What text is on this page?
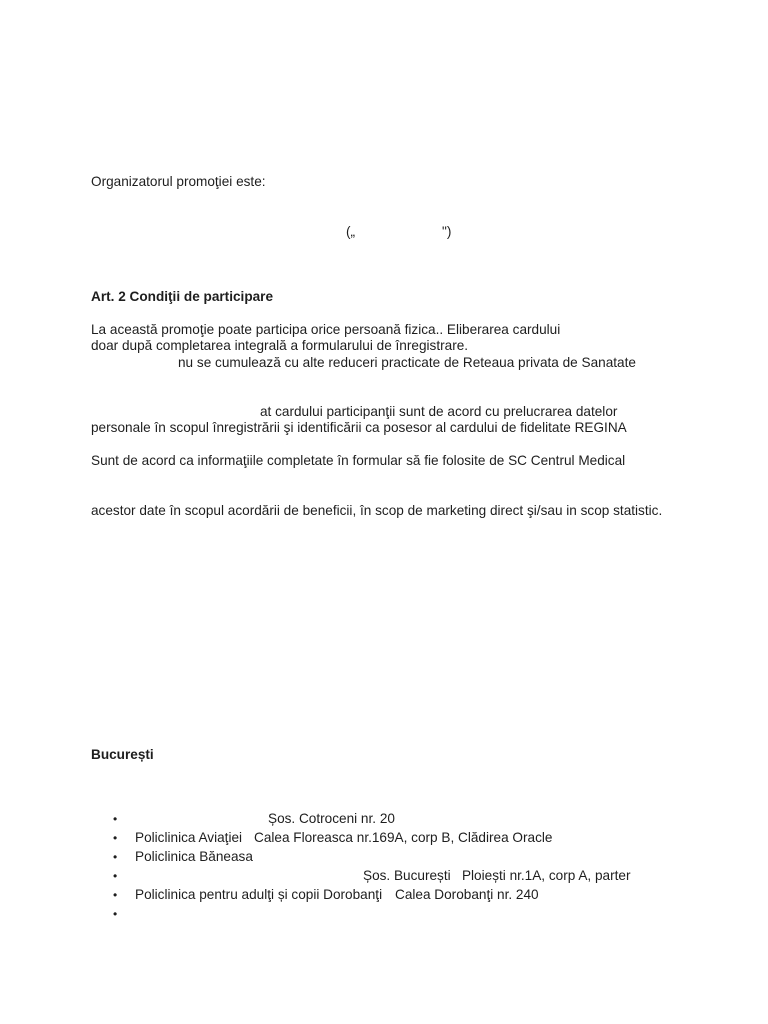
Organizatorul promoţiei este:
(„	")
Art. 2 Condiţii de participare
La această promoţie poate participa orice persoană fizica.. Eliberarea cardului
doar după completarea integrală a formularului de înregistrare.
nu se cumulează cu alte reduceri practicate de Reteaua privata de Sanatate
at cardului participanţii sunt de acord cu prelucrarea datelor
personale în scopul înregistrării şi identificării ca posesor al cardului de fidelitate REGINA
Sunt de acord ca informaţiile completate în formular să fie folosite de SC Centrul Medical
acestor date în scopul acordării de beneficii, în scop de marketing direct şi/sau in scop statistic.
București
•	Șos. Cotroceni nr. 20
• Policlinica Aviaţiei Calea Floreasca nr.169A, corp B, Clădirea Oracle
• Policlinica Băneasa
•	Șos. București   Ploiești nr.1A, corp A, parter
• Policlinica pentru adulţi și copii Dorobanţi Calea Dorobanţi nr. 240
•
